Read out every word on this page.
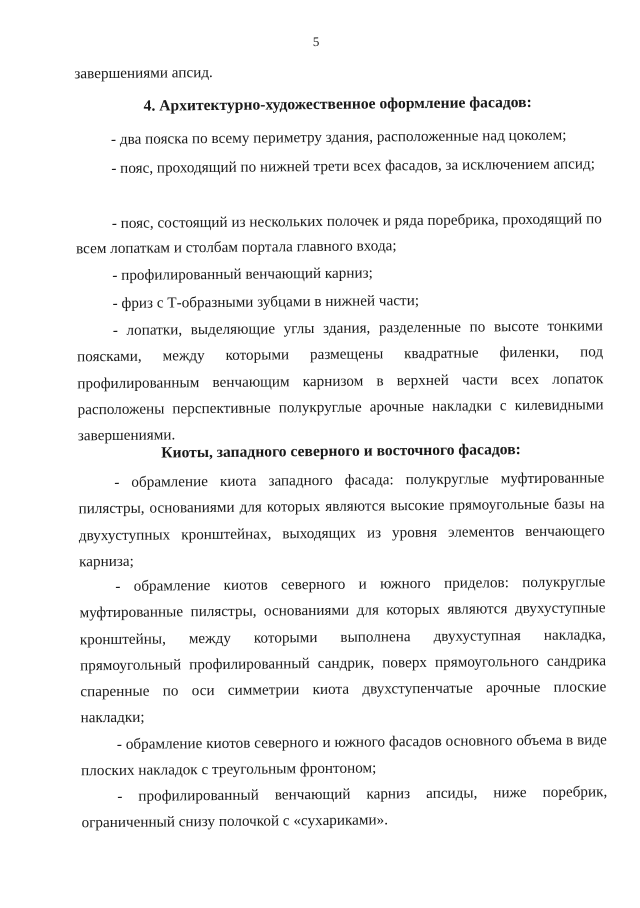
5
завершениями апсид.
4. Архитектурно-художественное оформление фасадов:
- два пояска по всему периметру здания, расположенные над цоколем;
- пояс, проходящий по нижней трети всех фасадов, за исключением апсид;
- пояс, состоящий из нескольких полочек и ряда поребрика, проходящий по всем лопаткам и столбам портала главного входа;
- профилированный венчающий карниз;
- фриз с Т-образными зубцами в нижней части;
- лопатки, выделяющие углы здания, разделенные по высоте тонкими поясками, между которыми размещены квадратные филенки, под профилированным венчающим карнизом в верхней части всех лопаток расположены перспективные полукруглые арочные накладки с килевидными завершениями.
Киоты, западного северного и восточного фасадов:
- обрамление киота западного фасада: полукруглые муфтированные пилястры, основаниями для которых являются высокие прямоугольные базы на двухуступных кронштейнах, выходящих из уровня элементов венчающего карниза;
- обрамление киотов северного и южного приделов: полукруглые муфтированные пилястры, основаниями для которых являются двухуступные кронштейны, между которыми выполнена двухуступная накладка, прямоугольный профилированный сандрик, поверх прямоугольного сандрика спаренные по оси симметрии киота двухступенчатые арочные плоские накладки;
- обрамление киотов северного и южного фасадов основного объема в виде плоских накладок с треугольным фронтоном;
- профилированный венчающий карниз апсиды, ниже поребрик, ограниченный снизу полочкой с «сухариками».
